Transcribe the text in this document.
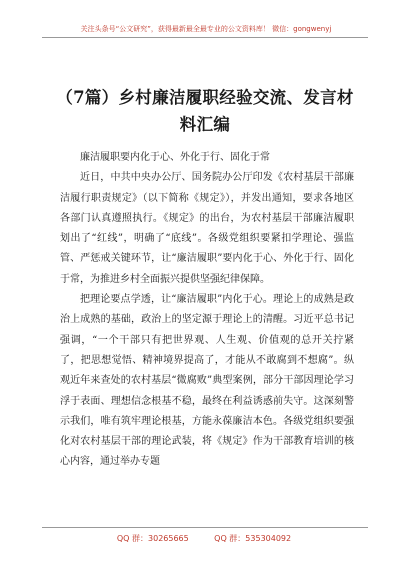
关注头条号“公文研究”，获得最新最全最专业的公文资料库！ 微信：gongwenyj
（7篇）乡村廉洁履职经验交流、发言材料汇编

廉洁履职要内化于心、外化于行、固化于常

近日，中共中央办公厅、国务院办公厅印发《农村基层干部廉洁履行职责规定》（以下简称《规定》），并发出通知，要求各地区各部门认真遵照执行。《规定》的出台，为农村基层干部廉洁履职划出了“红线”，明确了“底线”。各级党组织要紧扣学理论、强监管、严惩戒关键环节，让“廉洁履职”要内化于心、外化于行、固化于常，为推进乡村全面振兴提供坚强纪律保障。

把理论要点学透，让“廉洁履职”内化于心。理论上的成熟是政治上成熟的基础，政治上的坚定源于理论上的清醒。习近平总书记强调，“一个干部只有把世界观、人生观、价值观的总开关拧紧了，把思想觉悟、精神境界提高了，才能从不敢腐到不想腐”。纵观近年来查处的农村基层“微腐败”典型案例，部分干部因理论学习浮于表面、理想信念根基不稳，最终在利益诱惑前失守。这深刻警示我们，唯有筑牢理论根基，方能永葆廉洁本色。各级党组织要强化对农村基层干部的理论武装，将《规定》作为干部教育培训的核心内容，通过举办专题

QQ 群：30265665          QQ 群：535304092
